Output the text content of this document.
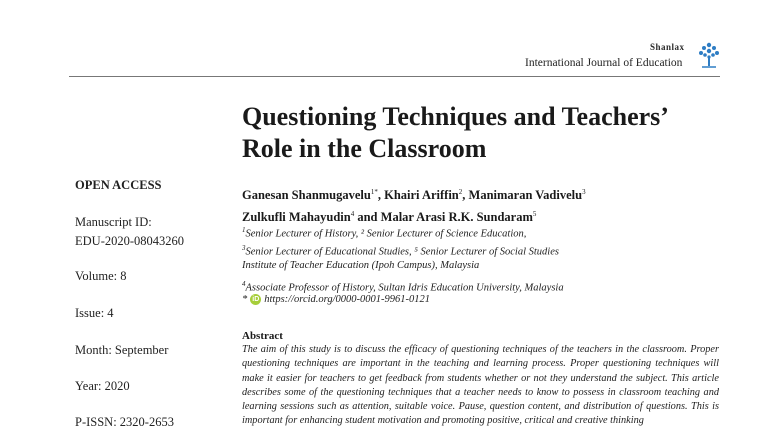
Shanlax
International Journal of Education
Questioning Techniques and Teachers’
Role in the Classroom
OPEN ACCESS
Manuscript ID:
EDU-2020-08043260
Volume: 8
Issue: 4
Month: September
Year: 2020
P-ISSN: 2320-2653
Ganesan Shanmugavelu$^{1*}$, Khairi Ariffin$^2$, Manimaran Vadivelu$^3$
Zulkufli Mahayudin$^4$ and Malar Arasi R.K. Sundaram$^5$
$^1$Senior Lecturer of History, ² Senior Lecturer of Science Education,
$^3$Senior Lecturer of Educational Studies, ⁵ Senior Lecturer of Social Studies
Institute of Teacher Education (Ipoh Campus), Malaysia
$^4$Associate Professor of History, Sultan Idris Education University, Malaysia
* iD https://orcid.org/0000-0001-9961-0121
Abstract
The aim of this study is to discuss the efficacy of questioning techniques of the teachers in the classroom. Proper questioning techniques are important in the teaching and learning process. Proper questioning techniques will make it easier for teachers to get feedback from students whether or not they understand the subject. This article describes some of the questioning techniques that a teacher needs to know to possess in classroom teaching and learning sessions such as attention, suitable voice. Pause, question content, and distribution of questions. This is important for enhancing student motivation and promoting positive, critical and creative thinking
